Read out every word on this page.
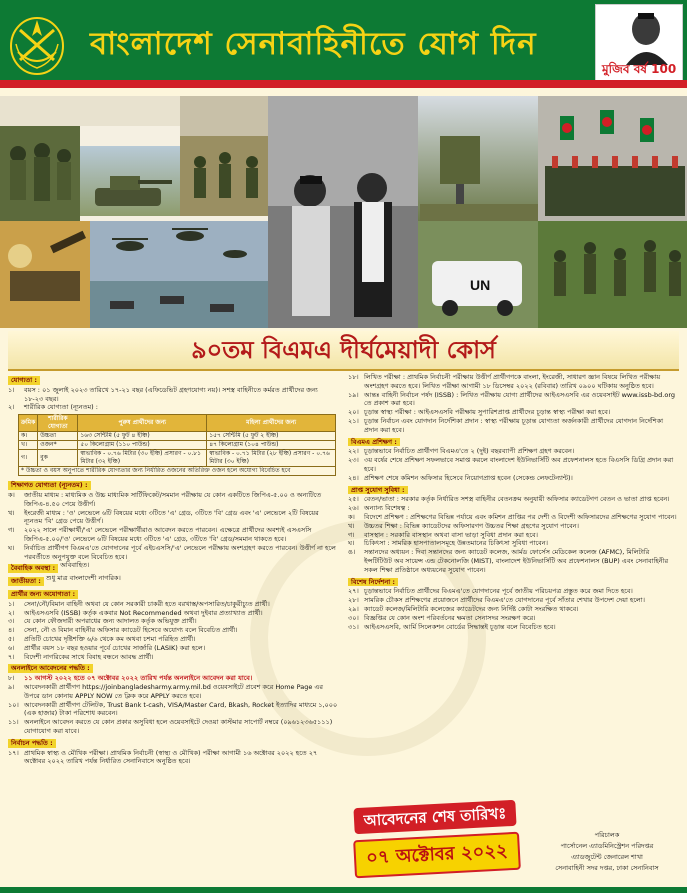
বাংলাদেশ সেনাবাহিনীতে যোগ দিন
মুজিব বর্ষ 100
UN
৯০তম বিএমএ দীর্ঘমেয়াদী কোর্স
যোগ্যতা :
১।	বয়স : ০১ জুলাই ২০২৩ তারিখে ১৭-২১ বছর (এফিডেভিট গ্রহণযোগ্য নয়)। সশস্ত্র বাহিনীতে কর্মরত প্রার্থীদের জন্য ১৮-২৩ বছর।
২।	শারীরিক যোগ্যতা (ন্যূনতম) :
ক্রমিক	শারীরিক যোগ্যতা	পুরুষ প্রার্থীদের জন্য	মহিলা প্রার্থীদের জন্য
ক।	উচ্চতা	১৬৩ সেন্টিমি (৫ ফুট ৪ ইঞ্চি)	১৫৭ সেন্টিমি (৫ ফুট ২ ইঞ্চি)
খ।	ওজন*	৫০ কিলোগ্রাম (১১০ পাউন্ড)	৪৭ কিলোগ্রাম (১০৪ পাউন্ড)
গ।	বুক	স্বাভাবিক - ০.৭৬ মিটার (৩০ ইঞ্চি) প্রসারণ - ০.৮১ মিটার (৩২ ইঞ্চি)	স্বাভাবিক - ০.৭১ মিটার (২৮ ইঞ্চি) প্রসারণ - ০.৭৬ মিটার (৩০ ইঞ্চি)
* উচ্চতা ও বয়স অনুপাতে শারীরিক যোগ্যতার জন্য নির্ধারিত ওজনের অতিরিক্ত ওজন হলে অযোগ্য বিবেচিত হবে			
শিক্ষাগত যোগ্যতা (ন্যূনতম) :
ক।	জাতীয় মাধ্যম : মাধ্যমিক ও উচ্চ মাধ্যমিক সার্টিফিকেট/সমমান পরীক্ষায় যে কোন একটিতে জিপিএ-৫.০০ ও অন্যটিতে জিপিএ-৪.৫০ পেয়ে উত্তীর্ণ।
খ।	ইংরেজী মাধ্যম : 'ও' লেভেলে ৬টি বিষয়ের মধ্যে ৩টিতে 'এ' গ্রেড, ৩টিতে 'বি' গ্রেড এবং 'এ' লেভেলে ২টি বিষয়ের ন্যূনতম 'বি' গ্রেড পেয়ে উত্তীর্ণ।
গ।	২০২২ সালে পরীক্ষার্থী/'এ' লেভেলে পরীক্ষার্থীরাও আবেদন করতে পারবেন। এক্ষেত্রে প্রার্থীদের অবশ্যই এসএসসি জিপিএ-৫.০০/'ও' লেভেলে ৬টি বিষয়ের মধ্যে ৩টিতে 'এ' গ্রেড, ৩টিতে 'বি' গ্রেড/সমমান থাকতে হবে।
ঘ।	নির্বাচিত প্রার্থীগণ বিএমএ'তে যোগদানের পূর্বে এইচএসসি/'এ' লেভেলে পরীক্ষায় অংশগ্রহণ করতে পারবেন। উত্তীর্ণ না হলে পরবর্তীতে অনুপযুক্ত বলে বিবেচিত হবে।
বৈবাহিক অবস্থা :
অবিবাহিত।
জাতীয়তা :
শুধু মাত্র বাংলাদেশী নাগরিক।
প্রার্থীর জন্য অযোগ্যতা :
১।	সেনা/নৌ/বিমান বাহিনী অথবা যে কোন সরকারী চাকরী হতে বরখাস্ত/অপসারিত/চাকুরীচ্যুত প্রার্থী।
২।	আইএসএসবি (ISSB) কর্তৃক একবার Not Recommended অথবা দুইবার প্রত্যাখ্যাত প্রার্থী।
৩।	যে কোন ফৌজদারী অপরাধের জন্য আদালত কর্তৃক অভিযুক্ত প্রার্থী।
৪।	সেনা, নৌ ও বিমান বাহিনীর অফিসার ক্যাডেট হিসেবে অযোগ্য বলে বিবেচিত প্রার্থী।
৫।	প্রতিটি চোখের দৃষ্টিশক্তি ৬/৬ থেকে কম অথবা চশমা পরিহিত প্রার্থী।
৬।	প্রার্থীর বয়স ১৮ বছর হওয়ার পূর্বে চোখের সার্জারি (LASIK) করা হলে।
৭।	বিদেশী নাগরিকের সাথে বিবাহ বন্ধনে আবদ্ধ প্রার্থী।
অনলাইনে আবেদনের পদ্ধতি :
৮।	১১ আগস্ট ২০২২ হতে ০৭ অক্টোবর ২০২২ তারিখ পর্যন্ত অনলাইনে আবেদন করা যাবে।
৯।	আবেদনকারী প্রার্থীগণ https://joinbangladesharmy.army.mil.bd ওয়েবসাইটে প্রবেশ করে Home Page এর উপরে ডান কোনায় APPLY NOW তে ক্লিক করে APPLY করতে হবে।
১০। আবেদনকারী প্রার্থীগণ টেলিটক, Trust Bank t-cash, VISA/Master Card, Bkash, Rocket ইত্যাদির মাধ্যমে ১,০০০ (এক হাজার) টাকা পরিশোধ করবেন।
১১। অনলাইনে আবেদন করতে যে কোন প্রকার অসুবিধা হলে ওয়েবসাইটে দেওয়া কাস্টমার সাপোর্ট নম্বরে (০৯৬১২৩৬৫১১১) যোগাযোগ করা যাবে।
নির্বাচন পদ্ধতি :
১৭। প্রাথমিক স্বাস্থ্য ও মৌখিক পরীক্ষা। প্রাথমিক নির্বাচনী (স্বাস্থ্য ও মৌখিক) পরীক্ষা আগামী ১৬ অক্টোবর ২০২২ হতে ২৭ অক্টোবর ২০২২ তারিখ পর্যন্ত নির্ধারিত সেনানিবাসে অনুষ্ঠিত হবে।
১৮। লিখিত পরীক্ষা : প্রাথমিক নির্বাচনী পরীক্ষায় উত্তীর্ণ প্রার্থীগণকে বাংলা, ইংরেজী, সাধারণ জ্ঞান বিষয়ে লিখিত পরীক্ষায় অংশগ্রহণ করতে হবে। লিখিত পরীক্ষা আগামী ১৮ ডিসেম্বর ২০২২ (রবিবার) তারিখ ০৯০০ ঘটিকায় অনুষ্ঠিত হবে।
১৯। আন্তঃ বাহিনী নির্বাচন পর্ষদ (ISSB) : লিখিত পরীক্ষায় যোগ্য প্রার্থীদের আইএসএসবি এর ওয়েবসাইট www.issb-bd.org তে প্রকাশ করা হবে।
২০। চূড়ান্ত স্বাস্থ্য পরীক্ষা : আইএসএসবি পরীক্ষায় সুপারিশপ্রাপ্ত প্রার্থীদের চূড়ান্ত স্বাস্থ্য পরীক্ষা করা হবে।
২১। চূড়ান্ত নির্বাচন এবং যোগদান নির্দেশিকা প্রদান : স্বাস্থ্য পরীক্ষায় চূড়ান্ত যোগ্যতা অর্জনকারী প্রার্থীদের যোগদান নির্দেশিকা প্রদান করা হবে।
বিএমএ প্রশিক্ষণ :
২২। চূড়ান্তভাবে নির্বাচিত প্রার্থীগণ বিএমএ'তে ২ (দুই) বছরব্যাপী প্রশিক্ষণ গ্রহণ করবেন।
২৩। ৩য় বর্ষের শেষে প্রশিক্ষণ সফলভাবে সমাপ্ত করলে বাংলাদেশ ইউনিভার্সিটি অব প্রফেশনালস হতে বিএসসি ডিগ্রি প্রদান করা হবে।
২৪। প্রশিক্ষণ শেষে কমিশন অফিসার হিসেবে নিয়োগপ্রাপ্ত হবেন (সেকেন্ড লেফটেন্যান্ট)।
প্রাপ্ত সুযোগ সুবিধা :
২৫। বেতন/ভাতা : সরকার কর্তৃক নির্ধারিত সশস্ত্র বাহিনীর বেতনক্রম অনুযায়ী অফিসার ক্যাডেটগণ বেতন ও ভাতা প্রাপ্ত হবেন।
২৬। অন্যান্য বিশেষত্ব :
ক।	বিদেশে প্রশিক্ষণ : প্রশিক্ষণের বিভিন্ন পর্যায়ে এবং কমিশন প্রাপ্তির পর দেশী ও বিদেশী অফিসারদের প্রশিক্ষণের সুযোগ পাবেন।
খ।	উচ্চতর শিক্ষা : বিভিন্ন ক্যাডেটদের অফিসারগণ উচ্চতর শিক্ষা গ্রহণের সুযোগ পাবেন।
গ।	বাসস্থান : সরকারি বাসস্থান অথবা বাসা ভাড়া সুবিধা প্রদান করা হবে।
ঘ।	চিকিৎসা : সামরিক হাসপাতালসমূহে উন্নতমানের চিকিৎসা সুবিধা পাবেন।
ঙ।	সন্তানদের অধ্যয়ন : দিবা সন্তানদের জন্য ক্যাডেট কলেজ, আর্মড ফোর্সেস মেডিকেল কলেজ (AFMC), মিলিটারি ইন্সটিটিউট অব সায়েন্স এন্ড টেকনোলজি (MIST), বাংলাদেশ ইউনিভার্সিটি অব প্রফেশনালস (BUP) এবং সেনাবাহিনীর সকল শিক্ষা প্রতিষ্ঠানে অধ্যয়নের সুযোগ পাবেন।
বিশেষ নির্দেশনা :
২৭। চূড়ান্তভাবে নির্বাচিত প্রার্থীদের বিএমএ'তে যোগদানের পূর্বে জাতীয় পরিচয়পত্র প্রস্তুত করে জমা দিতে হবে।
২৮। সামরিক চৌকস প্রশিক্ষণের প্রয়োজনে প্রার্থীদের বিএমএ'তে যোগদানের পূর্বে সাঁতার শেখার উপদেশ দেয়া হলো।
২৯। ক্যাডেট কলেজ/মিলিটারি কলেজের ক্যাডেটদের জন্য নির্দিষ্ট কোটা সংরক্ষিত থাকবে।
৩০। বিজ্ঞপ্তির যে কোন অংশ পরিবর্তনের ক্ষমতা সেনাসদর সংরক্ষণ করে।
৩১। আইএসএসবি, আর্মি সিলেকশন বোর্ডের সিদ্ধান্তই চূড়ান্ত বলে বিবেচিত হবে।
আবেদনের শেষ তারিখঃ
০৭ অক্টোবর ২০২২
পরিচালক
পার্সোনেল এ্যাডমিনিস্ট্রেশন পরিদপ্তর
এ্যাডজুটেন্ট জেনারেল শাখা
সেনাবাহিনী সদর দপ্তর, ঢাকা সেনানিবাস
